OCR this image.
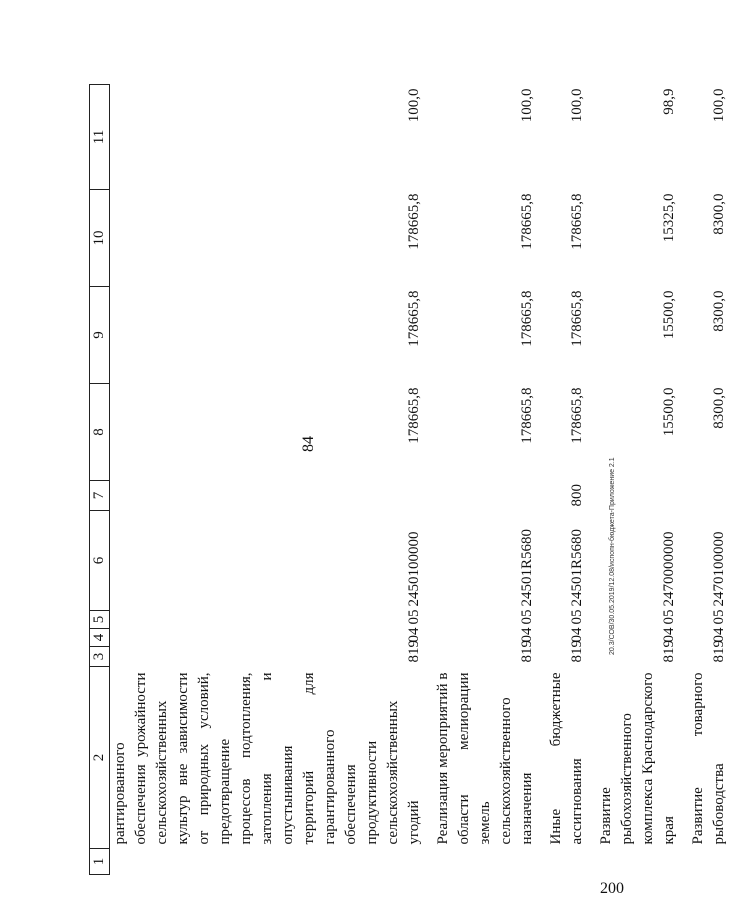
84
1	2	3	4	5	6	7	8	9	10	11
	рантированного обеспечения урожайности сельскохозяйственных культур вне зависимости от природных условий, предотвращение процессов подтопления, затопления и опустынивания территорий для гарантированного обеспечения продуктивности сельскохозяйственных угодий	819	04	05	2450100000		178665,8	178665,8	178665,8	100,0
	Реализация мероприятий в области мелиорации земель сельскохозяйственного назначения	819	04	05	24501R5680		178665,8	178665,8	178665,8	100,0
	Иные бюджетные ассигнования	819	04	05	24501R5680	800	178665,8	178665,8	178665,8	100,0
	Развитие рыбохозяйственного комплекса Краснодарского края	819	04	05	2470000000		15500,0	15500,0	15325,0	98,9
	Развитие товарного рыбоводства	819	04	05	2470100000		8300,0	8300,0	8300,0	100,0
20.3/СОВ/30.05.2019/12.08/испопн-бюджета-Приложение 2.1
200
